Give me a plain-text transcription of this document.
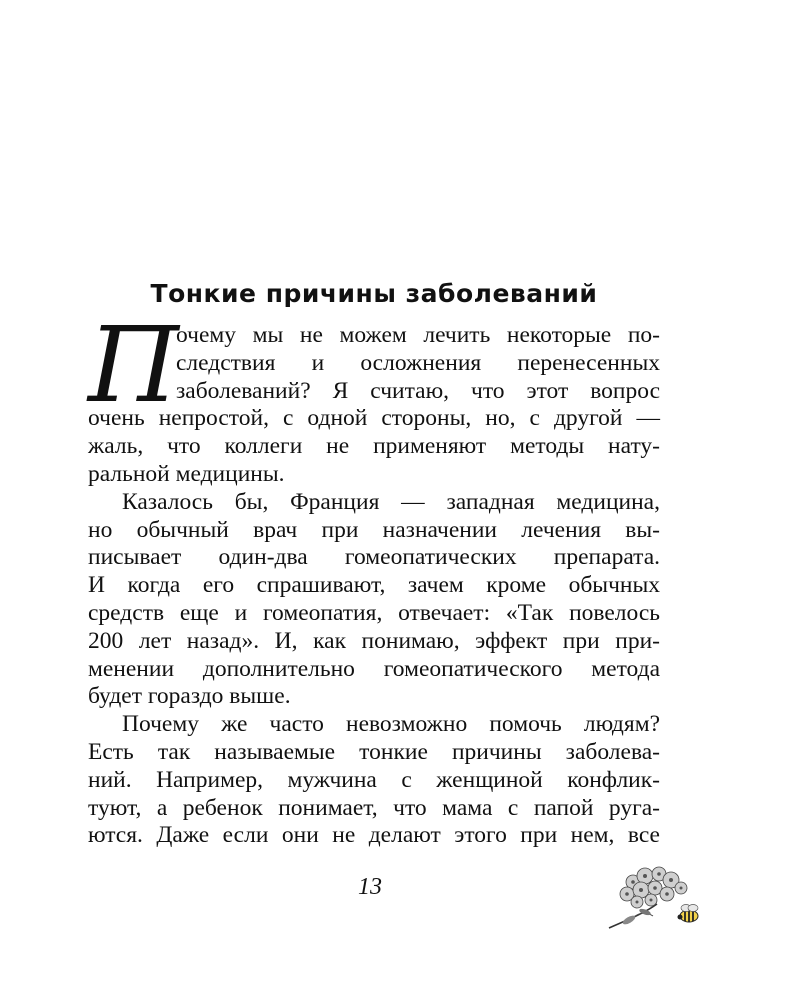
Тонкие причины заболеваний
П
очему мы не можем лечить некоторые по-
следствия и осложнения перенесенных
заболеваний? Я считаю, что этот вопрос
очень непростой, с одной стороны, но, с другой —
жаль, что коллеги не применяют методы нату-
ральной медицины.
Казалось бы, Франция — западная медицина,
но обычный врач при назначении лечения вы-
писывает один-два гомеопатических препарата.
И когда его спрашивают, зачем кроме обычных
средств еще и гомеопатия, отвечает: «Так повелось
200 лет назад». И, как понимаю, эффект при при-
менении дополнительно гомеопатического метода
будет гораздо выше.
Почему же часто невозможно помочь людям?
Есть так называемые тонкие причины заболева-
ний. Например, мужчина с женщиной конфлик-
туют, а ребенок понимает, что мама с папой руга-
ются. Даже если они не делают этого при нем, все
13
